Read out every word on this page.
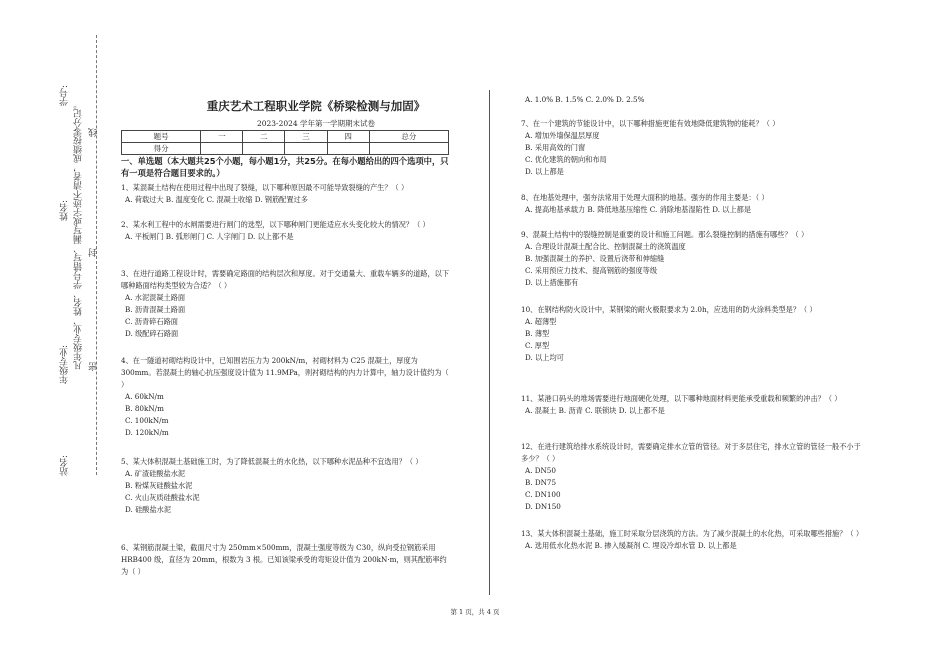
学号:
姓名:
年级专业:
站名:
凡年级专业、姓名、学号错写、漏写或字迹不清者，成绩按零分记。 密
封
线
重庆艺术工程职业学院《桥梁检测与加固》
2023-2024 学年第一学期期末试卷
题号	一	二	三	四	总分
得分					
一、单选题（本大题共25个小题，每小题1分，共25分。在每小题给出的四个选项中，只有一项是符合题目要求的。）

1、某混凝土结构在使用过程中出现了裂缝，以下哪种原因最不可能导致裂缝的产生？（ ）

A. 荷载过大 B. 温度变化 C. 混凝土收缩 D. 钢筋配置过多

2、某水利工程中的水闸需要进行闸门的选型，以下哪种闸门更能适应水头变化较大的情况？（ ）

A. 平板闸门 B. 弧形闸门 C. 人字闸门 D. 以上都不是

3、在进行道路工程设计时，需要确定路面的结构层次和厚度。对于交通量大、重载车辆多的道路，以下哪种路面结构类型较为合适？（ ）

A. 水泥混凝土路面

B. 沥青混凝土路面

C. 沥青碎石路面

D. 级配碎石路面

4、在一隧道衬砌结构设计中，已知围岩压力为 200kN/m，衬砌材料为 C25 混凝土，厚度为 300mm。若混凝土的轴心抗压强度设计值为 11.9MPa，则衬砌结构的内力计算中，轴力设计值约为（ ）

A. 60kN/m

B. 80kN/m

C. 100kN/m

D. 120kN/m

5、某大体积混凝土基础施工时，为了降低混凝土的水化热，以下哪种水泥品种不宜选用？（ ）

A. 矿渣硅酸盐水泥

B. 粉煤灰硅酸盐水泥

C. 火山灰质硅酸盐水泥

D. 硅酸盐水泥

6、某钢筋混凝土梁，截面尺寸为 250mm×500mm，混凝土强度等级为 C30，纵向受拉钢筋采用 HRB400 级，直径为 20mm，根数为 3 根。已知该梁承受的弯矩设计值为 200kN·m，则其配筋率约为（ ）

A. 1.0% B. 1.5% C. 2.0% D. 2.5%

7、在一个建筑的节能设计中，以下哪种措施更能有效地降低建筑物的能耗？（ ）

A. 增加外墙保温层厚度

B. 采用高效的门窗

C. 优化建筑的朝向和布局

D. 以上都是

8、在地基处理中，强夯法常用于处理大面积的地基。强夯的作用主要是：（ ）

A. 提高地基承载力 B. 降低地基压缩性 C. 消除地基湿陷性 D. 以上都是

9、混凝土结构中的裂缝控制是重要的设计和施工问题。那么裂缝控制的措施有哪些？（ ）

A. 合理设计混凝土配合比、控制混凝土的浇筑温度

B. 加强混凝土的养护、设置后浇带和伸缩缝

C. 采用预应力技术、提高钢筋的强度等级

D. 以上措施都有

10、在钢结构防火设计中，某钢梁的耐火极限要求为 2.0h，应选用的防火涂料类型是？（ ）

A. 超薄型

B. 薄型

C. 厚型

D. 以上均可

11、某港口码头的堆场需要进行地面硬化处理，以下哪种地面材料更能承受重载和频繁的冲击？（ ）

A. 混凝土 B. 沥青 C. 联锁块 D. 以上都不是

12、在进行建筑给排水系统设计时，需要确定排水立管的管径。对于多层住宅，排水立管的管径一般不小于多少？（ ）

A. DN50

B. DN75

C. DN100

D. DN150

13、某大体积混凝土基础，施工时采取分层浇筑的方法。为了减少混凝土的水化热，可采取哪些措施？（ ）

A. 选用低水化热水泥 B. 掺入缓凝剂 C. 埋设冷却水管 D. 以上都是

第 1 页，共 4 页
